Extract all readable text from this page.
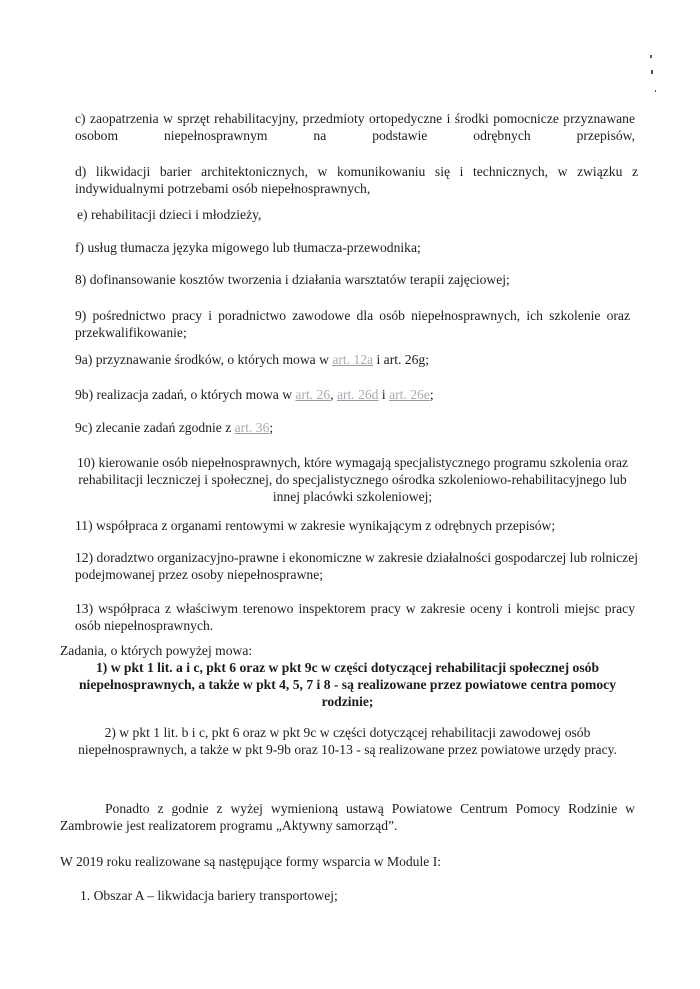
c) zaopatrzenia w sprzęt rehabilitacyjny, przedmioty ortopedyczne i środki pomocnicze przyznawane osobom niepełnosprawnym na podstawie odrębnych przepisów,
d) likwidacji barier architektonicznych, w komunikowaniu się i technicznych, w związku z indywidualnymi potrzebami osób niepełnosprawnych,
e) rehabilitacji dzieci i młodzieży,
f) usług tłumacza języka migowego lub tłumacza-przewodnika;
8) dofinansowanie kosztów tworzenia i działania warsztatów terapii zajęciowej;
9) pośrednictwo pracy i poradnictwo zawodowe dla osób niepełnosprawnych, ich szkolenie oraz przekwalifikowanie;
9a) przyznawanie środków, o których mowa w art. 12a i art. 26g;
9b) realizacja zadań, o których mowa w art. 26, art. 26d i art. 26e;
9c) zlecanie zadań zgodnie z art. 36;
10) kierowanie osób niepełnosprawnych, które wymagają specjalistycznego programu szkolenia oraz rehabilitacji leczniczej i społecznej, do specjalistycznego ośrodka szkoleniowo-rehabilitacyjnego lub innej placówki szkoleniowej;
11) współpraca z organami rentowymi w zakresie wynikającym z odrębnych przepisów;
12) doradztwo organizacyjno-prawne i ekonomiczne w zakresie działalności gospodarczej lub rolniczej podejmowanej przez osoby niepełnosprawne;
13) współpraca z właściwym terenowo inspektorem pracy w zakresie oceny i kontroli miejsc pracy osób niepełnosprawnych.
Zadania, o których powyżej mowa:
1) w pkt 1 lit. a i c, pkt 6 oraz w pkt 9c w części dotyczącej rehabilitacji społecznej osób niepełnosprawnych, a także w pkt 4, 5, 7 i 8 - są realizowane przez powiatowe centra pomocy rodzinie;
2) w pkt 1 lit. b i c, pkt 6 oraz w pkt 9c w części dotyczącej rehabilitacji zawodowej osób niepełnosprawnych, a także w pkt 9-9b oraz 10-13 - są realizowane przez powiatowe urzędy pracy.
Ponadto z godnie z wyżej wymienioną ustawą Powiatowe Centrum Pomocy Rodzinie w Zambrowie jest realizatorem programu „Aktywny samorząd”.
W 2019 roku realizowane są następujące formy wsparcia w Module I:
1. Obszar A – likwidacja bariery transportowej;
